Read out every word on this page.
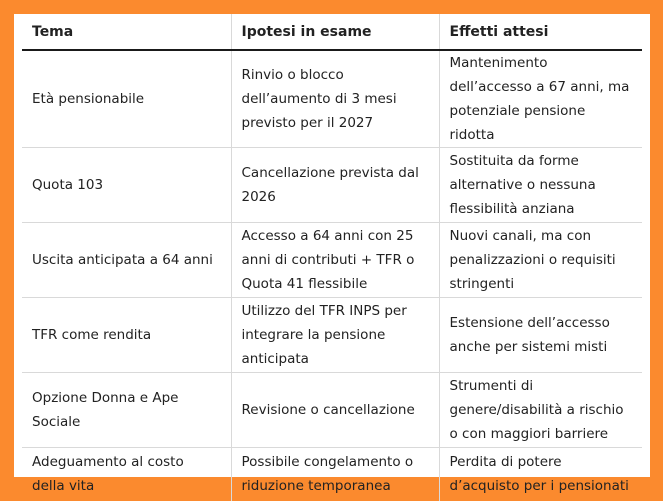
Tema	Ipotesi in esame	Effetti attesi
Età pensionabile	Rinvio o blocco dell’aumento di 3 mesi previsto per il 2027	Mantenimento dell’accesso a 67 anni, ma potenziale pensione ridotta
Quota 103	Cancellazione prevista dal 2026	Sostituita da forme alternative o nessuna flessibilità anziana
Uscita anticipata a 64 anni	Accesso a 64 anni con 25 anni di contributi + TFR o Quota 41 flessibile	Nuovi canali, ma con penalizzazioni o requisiti stringenti
TFR come rendita	Utilizzo del TFR INPS per integrare la pensione anticipata	Estensione dell’accesso anche per sistemi misti
Opzione Donna e Ape Sociale	Revisione o cancellazione	Strumenti di genere/disabilità a rischio o con maggiori barriere
Adeguamento al costo della vita	Possibile congelamento o riduzione temporanea	Perdita di potere d’acquisto per i pensionati
